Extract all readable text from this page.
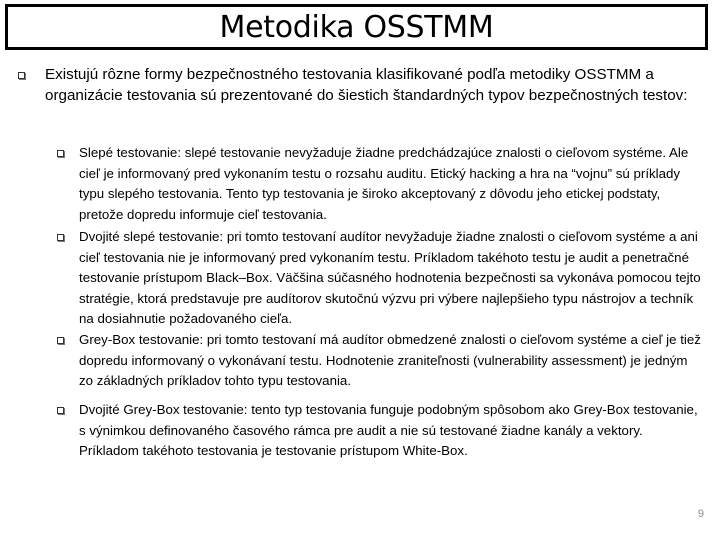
Metodika OSSTMM

Existujú rôzne formy bezpečnostného testovania klasifikované podľa metodiky OSSTMM a organizácie testovania sú prezentované do šiestich štandardných typov bezpečnostných testov:

Slepé testovanie: slepé testovanie nevyžaduje žiadne predchádzajúce znalosti o cieľovom systéme. Ale cieľ je informovaný pred vykonaním testu o rozsahu auditu. Etický hacking a hra na “vojnu” sú príklady typu slepého testovania. Tento typ testovania je široko akceptovaný z dôvodu jeho etickej podstaty, pretože dopredu informuje cieľ testovania.

Dvojité slepé testovanie: pri tomto testovaní audítor nevyžaduje žiadne znalosti o cieľovom systéme a ani cieľ testovania nie je informovaný pred vykonaním testu. Príkladom takéhoto testu je audit a penetračné testovanie prístupom Black–Box. Väčšina súčasného hodnotenia bezpečnosti sa vykonáva pomocou tejto stratégie, ktorá predstavuje pre audítorov skutočnú výzvu pri výbere najlepšieho typu nástrojov a techník na dosiahnutie požadovaného cieľa.

Grey-Box testovanie: pri tomto testovaní má audítor obmedzené znalosti o cieľovom systéme a cieľ je tiež dopredu informovaný o vykonávaní testu. Hodnotenie zraniteľnosti (vulnerability assessment) je jedným zo základných príkladov tohto typu testovania.

Dvojité Grey-Box testovanie: tento typ testovania funguje podobným spôsobom ako Grey-Box testovanie, s výnimkou definovaného časového rámca pre audit a nie sú testované žiadne kanály a vektory. Príkladom takéhoto testovania je testovanie prístupom White-Box.

9
